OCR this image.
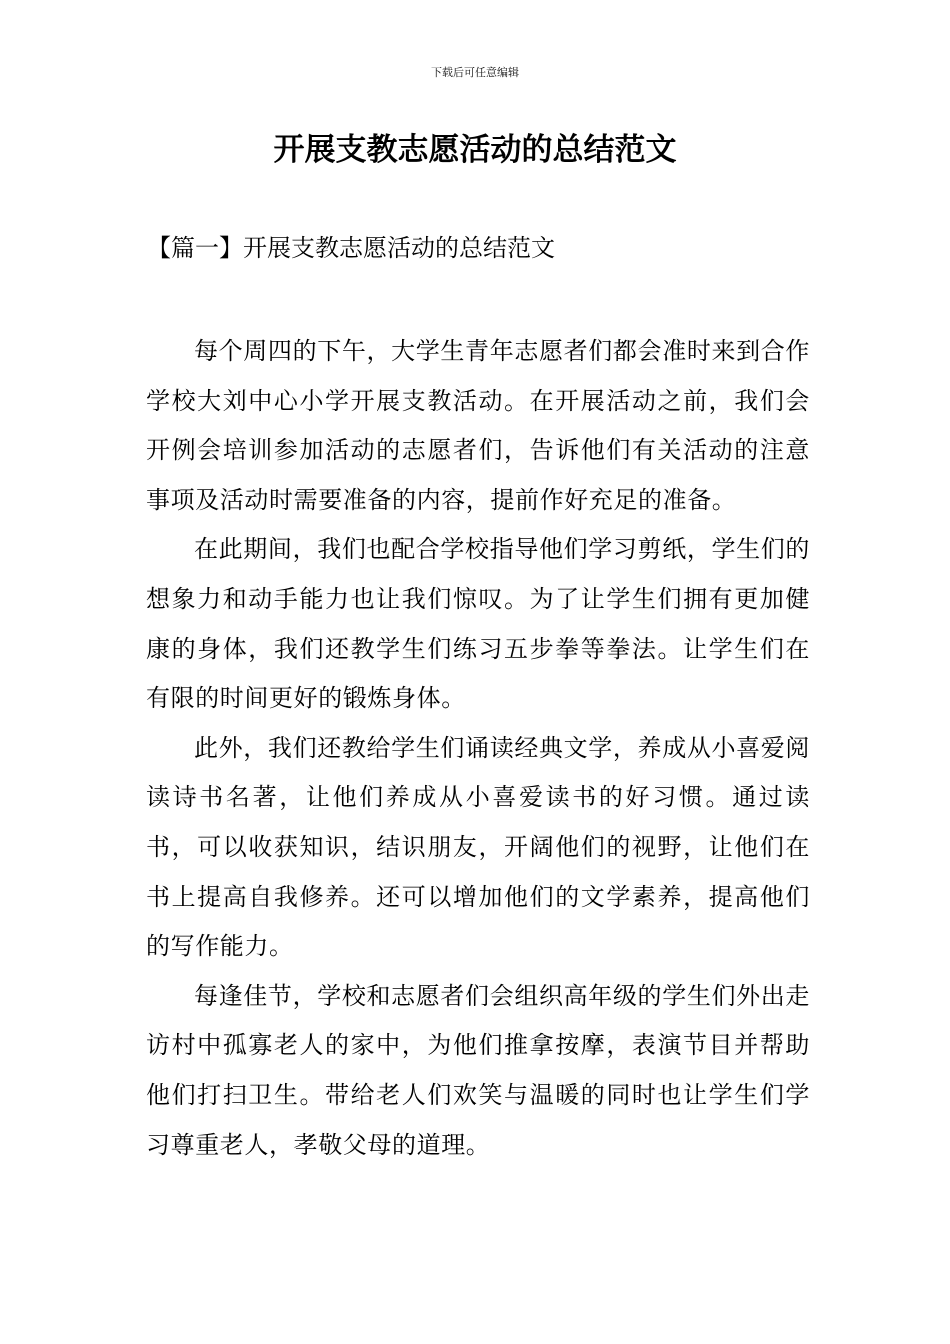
下载后可任意编辑
开展支教志愿活动的总结范文
【篇一】开展支教志愿活动的总结范文

每个周四的下午，大学生青年志愿者们都会准时来到合作学校大刘中心小学开展支教活动。在开展活动之前，我们会开例会培训参加活动的志愿者们，告诉他们有关活动的注意事项及活动时需要准备的内容，提前作好充足的准备。

在此期间，我们也配合学校指导他们学习剪纸，学生们的想象力和动手能力也让我们惊叹。为了让学生们拥有更加健康的身体，我们还教学生们练习五步拳等拳法。让学生们在有限的时间更好的锻炼身体。

此外，我们还教给学生们诵读经典文学，养成从小喜爱阅读诗书名著，让他们养成从小喜爱读书的好习惯。通过读书，可以收获知识，结识朋友，开阔他们的视野，让他们在书上提高自我修养。还可以增加他们的文学素养，提高他们的写作能力。

每逢佳节，学校和志愿者们会组织高年级的学生们外出走访村中孤寡老人的家中，为他们推拿按摩，表演节目并帮助他们打扫卫生。带给老人们欢笑与温暖的同时也让学生们学习尊重老人，孝敬父母的道理。
